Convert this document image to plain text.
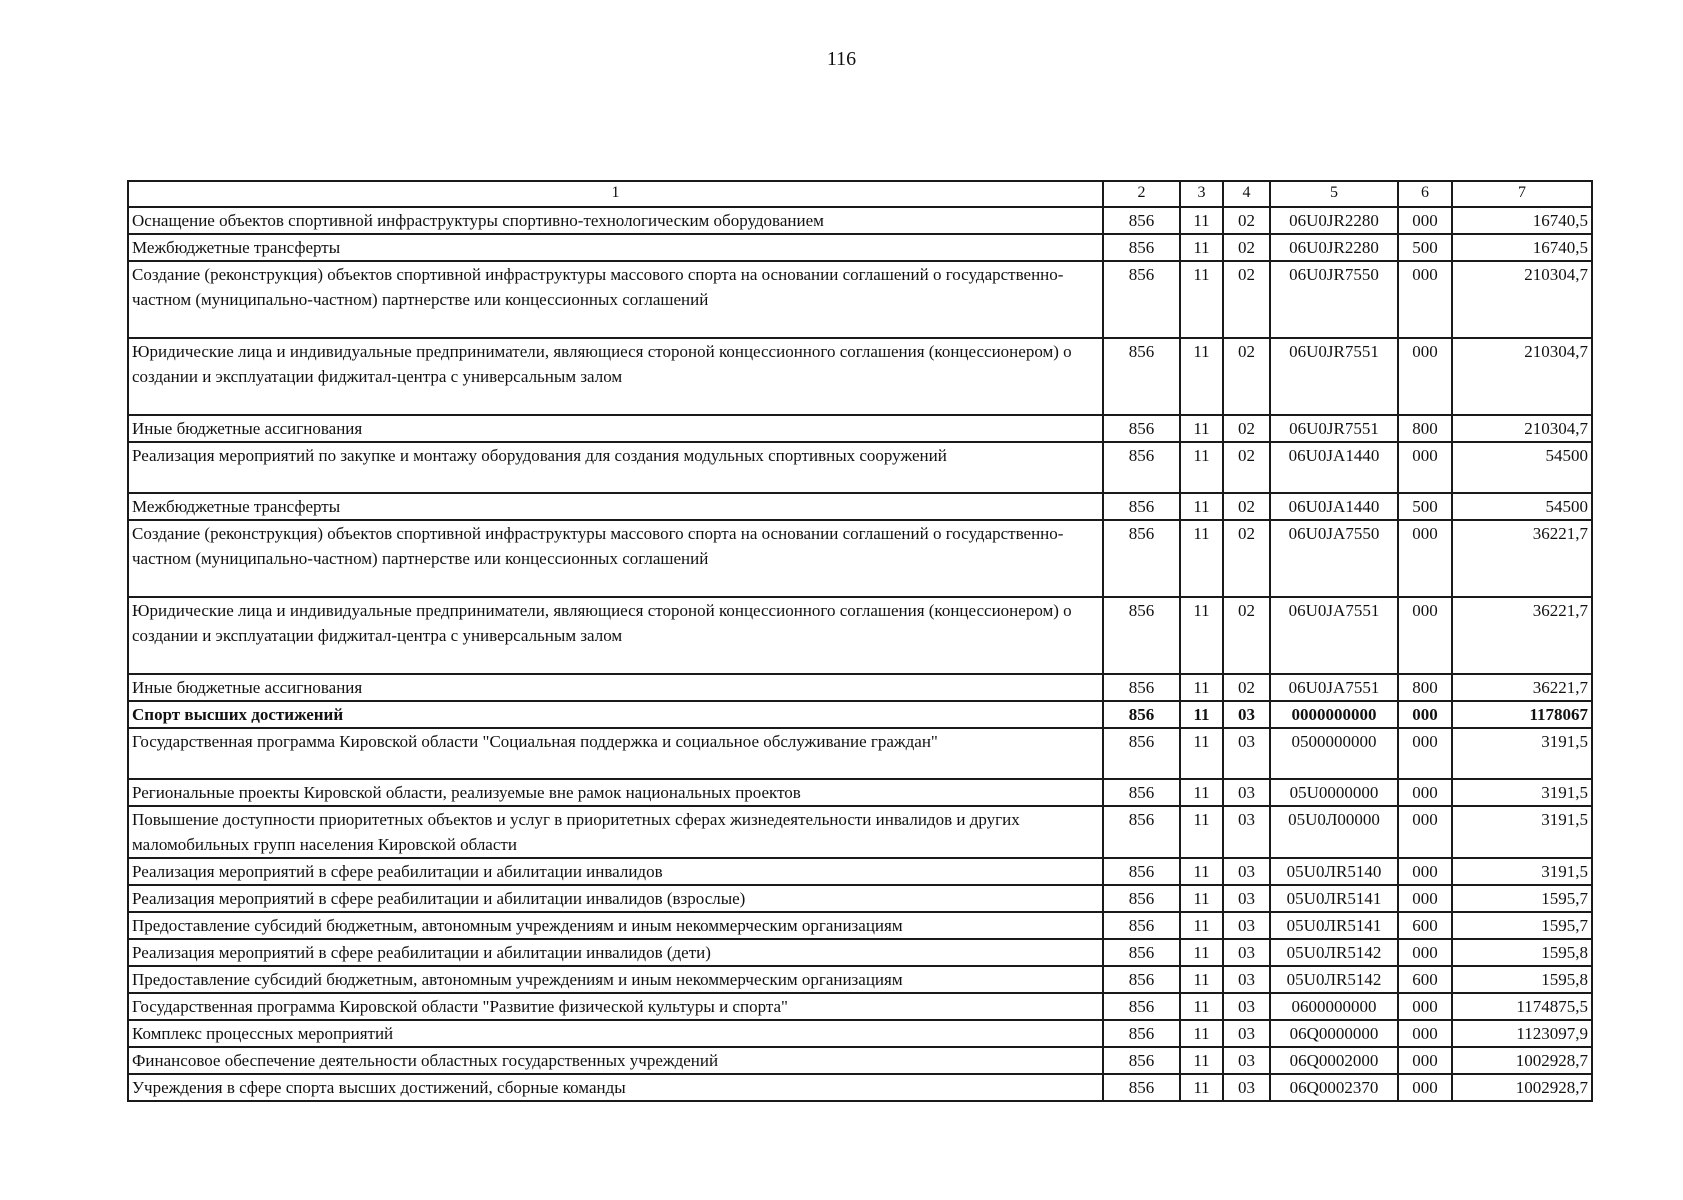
116
1	2	3	4	5	6	7
Оснащение объектов спортивной инфраструктуры спортивно-технологическим оборудованием	856	11	02	06U0JR2280	000	16740,5
Межбюджетные трансферты	856	11	02	06U0JR2280	500	16740,5
Создание (реконструкция) объектов спортивной инфраструктуры массового спорта на основании соглашений о государственно-частном (муниципально-частном) партнерстве или концессионных соглашений	856	11	02	06U0JR7550	000	210304,7
Юридические лица и индивидуальные предприниматели, являющиеся стороной концессионного соглашения (концессионером) о создании и эксплуатации фиджитал-центра с универсальным залом	856	11	02	06U0JR7551	000	210304,7
Иные бюджетные ассигнования	856	11	02	06U0JR7551	800	210304,7
Реализация мероприятий по закупке и монтажу оборудования для создания модульных спортивных сооружений	856	11	02	06U0JA1440	000	54500
Межбюджетные трансферты	856	11	02	06U0JA1440	500	54500
Создание (реконструкция) объектов спортивной инфраструктуры массового спорта на основании соглашений о государственно-частном (муниципально-частном) партнерстве или концессионных соглашений	856	11	02	06U0JA7550	000	36221,7
Юридические лица и индивидуальные предприниматели, являющиеся стороной концессионного соглашения (концессионером) о создании и эксплуатации фиджитал-центра с универсальным залом	856	11	02	06U0JA7551	000	36221,7
Иные бюджетные ассигнования	856	11	02	06U0JA7551	800	36221,7
Спорт высших достижений	856	11	03	0000000000	000	1178067
Государственная программа Кировской области "Социальная поддержка и социальное обслуживание граждан"	856	11	03	0500000000	000	3191,5
Региональные проекты Кировской области, реализуемые вне рамок национальных проектов	856	11	03	05U0000000	000	3191,5
Повышение доступности приоритетных объектов и услуг в приоритетных сферах жизнедеятельности инвалидов и других маломобильных групп населения Кировской области	856	11	03	05U0Л00000	000	3191,5
Реализация мероприятий в сфере реабилитации и абилитации инвалидов	856	11	03	05U0ЛR5140	000	3191,5
Реализация мероприятий в сфере реабилитации и абилитации инвалидов (взрослые)	856	11	03	05U0ЛR5141	000	1595,7
Предоставление субсидий бюджетным, автономным учреждениям и иным некоммерческим организациям	856	11	03	05U0ЛR5141	600	1595,7
Реализация мероприятий в сфере реабилитации и абилитации инвалидов (дети)	856	11	03	05U0ЛR5142	000	1595,8
Предоставление субсидий бюджетным, автономным учреждениям и иным некоммерческим организациям	856	11	03	05U0ЛR5142	600	1595,8
Государственная программа Кировской области "Развитие физической культуры и спорта"	856	11	03	0600000000	000	1174875,5
Комплекс процессных мероприятий	856	11	03	06Q0000000	000	1123097,9
Финансовое обеспечение деятельности областных государственных учреждений	856	11	03	06Q0002000	000	1002928,7
Учреждения в сфере спорта высших достижений, сборные команды	856	11	03	06Q0002370	000	1002928,7
